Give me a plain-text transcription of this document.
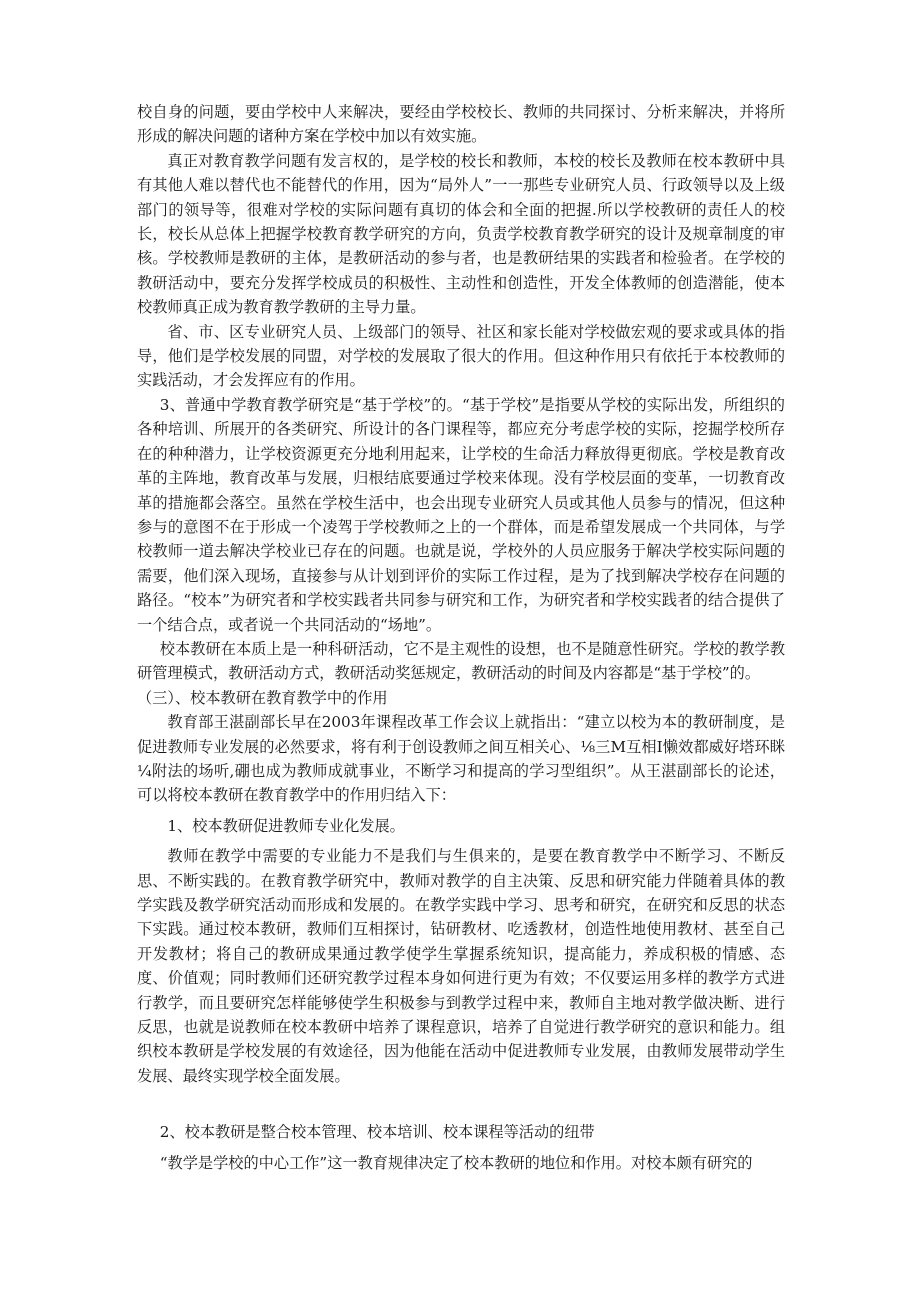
校自身的问题，要由学校中人来解决，要经由学校校长、教师的共同探讨、分析来解决，并将所形成的解决问题的诸种方案在学校中加以有效实施。

真正对教育教学问题有发言权的，是学校的校长和教师，本校的校长及教师在校本教研中具有其他人难以替代也不能替代的作用，因为“局外人”一一那些专业研究人员、行政领导以及上级部门的领导等，很难对学校的实际问题有真切的体会和全面的把握.所以学校教研的责任人的校长，校长从总体上把握学校教育教学研究的方向，负责学校教育教学研究的设计及规章制度的审核。学校教师是教研的主体，是教研活动的参与者，也是教研结果的实践者和检验者。在学校的教研活动中，要充分发挥学校成员的积极性、主动性和创造性，开发全体教师的创造潜能，使本校教师真正成为教育教学教研的主导力量。

省、市、区专业研究人员、上级部门的领导、社区和家长能对学校做宏观的要求或具体的指导，他们是学校发展的同盟，对学校的发展取了很大的作用。但这种作用只有依托于本校教师的实践活动，才会发挥应有的作用。

3、普通中学教育教学研究是“基于学校”的。“基于学校”是指要从学校的实际出发，所组织的各种培训、所展开的各类研究、所设计的各门课程等，都应充分考虑学校的实际，挖掘学校所存在的种种潜力，让学校资源更充分地利用起来，让学校的生命活力释放得更彻底。学校是教育改革的主阵地，教育改革与发展，归根结底要通过学校来体现。没有学校层面的变革，一切教育改革的措施都会落空。虽然在学校生活中，也会出现专业研究人员或其他人员参与的情况，但这种参与的意图不在于形成一个凌驾于学校教师之上的一个群体，而是希望发展成一个共同体，与学校教师一道去解决学校业已存在的问题。也就是说，学校外的人员应服务于解决学校实际问题的需要，他们深入现场，直接参与从计划到评价的实际工作过程，是为了找到解决学校存在问题的路径。“校本”为研究者和学校实践者共同参与研究和工作，为研究者和学校实践者的结合提供了一个结合点，或者说一个共同活动的“场地”。

校本教研在本质上是一种科研活动，它不是主观性的设想，也不是随意性研究。学校的教学教研管理模式，教研活动方式，教研活动奖惩规定，教研活动的时间及内容都是“基于学校”的。

（三）、校本教研在教育教学中的作用

教育部王湛副部长早在2003年课程改革工作会议上就指出：“建立以校为本的教研制度，是促进教师专业发展的必然要求，将有利于创设教师之间互相关心、⅛三M互相I懒效都威好塔环眯¼附法的场听,硼也成为教师成就事业，不断学习和提高的学习型组织”。从王湛副部长的论述，可以将校本教研在教育教学中的作用归结入下：

1、校本教研促进教师专业化发展。

教师在教学中需要的专业能力不是我们与生俱来的，是要在教育教学中不断学习、不断反思、不断实践的。在教育教学研究中，教师对教学的自主决策、反思和研究能力伴随着具体的教学实践及教学研究活动而形成和发展的。在教学实践中学习、思考和研究，在研究和反思的状态下实践。通过校本教研，教师们互相探讨，钻研教材、吃透教材，创造性地使用教材、甚至自己开发教材；将自己的教研成果通过教学使学生掌握系统知识，提高能力，养成积极的情感、态度、价值观；同时教师们还研究教学过程本身如何进行更为有效；不仅要运用多样的教学方式进行教学，而且要研究怎样能够使学生积极参与到教学过程中来，教师自主地对教学做决断、进行反思，也就是说教师在校本教研中培养了课程意识，培养了自觉进行教学研究的意识和能力。组织校本教研是学校发展的有效途径，因为他能在活动中促进教师专业发展，由教师发展带动学生发展、最终实现学校全面发展。

2、校本教研是整合校本管理、校本培训、校本课程等活动的纽带

“教学是学校的中心工作”这一教育规律决定了校本教研的地位和作用。对校本颇有研究的
